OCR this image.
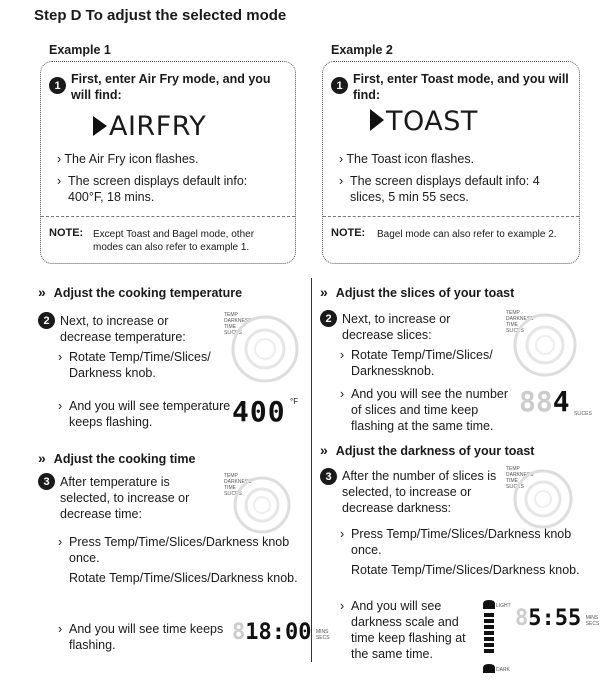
Step D To adjust the selected mode
Example 1
1 First, enter Air Fry mode, and you will find:
AIRFRY
› The Air Fry icon flashes.
› The screen displays default info: 400°F, 18 mins.
NOTE: Except Toast and Bagel mode, other modes can also refer to example 1.
Example 2
1 First, enter Toast mode, and you will find:
TOAST
› The Toast icon flashes.
› The screen displays default info: 4 slices, 5 min 55 secs.
NOTE: Bagel mode can also refer to example 2.
» Adjust the cooking temperature
2 Next, to increase or decrease temperature:
› Rotate Temp/Time/Slices/ Darkness knob.
› And you will see temperature keeps flashing.
TEMP
DARKNESS
TIME
SLICES
400 $^{^\circ F}$
» Adjust the cooking time
3 After temperature is selected, to increase or decrease time:
› Press Temp/Time/Slices/Darkness knob once.
Rotate Temp/Time/Slices/Darkness knob.
› And you will see time keeps flashing.
TEMP
DARKNESS
TIME
SLICES
818:00 MINS SECS
» Adjust the slices of your toast
2 Next, to increase or decrease slices:
› Rotate Temp/Time/Slices/ Darknessknob.
› And you will see the number of slices and time keep flashing at the same time.
TEMP
DARKNESS
TIME
SLICES
884 SLICES
» Adjust the darkness of your toast
3 After the number of slices is selected, to increase or decrease darkness:
› Press Temp/Time/Slices/Darkness knob once.
Rotate Temp/Time/Slices/Darkness knob.
› And you will see darkness scale and time keep flashing at the same time.
TEMP
DARKNESS
TIME
SLICES
LIGHT
DARK
85:55 MINS SECS
